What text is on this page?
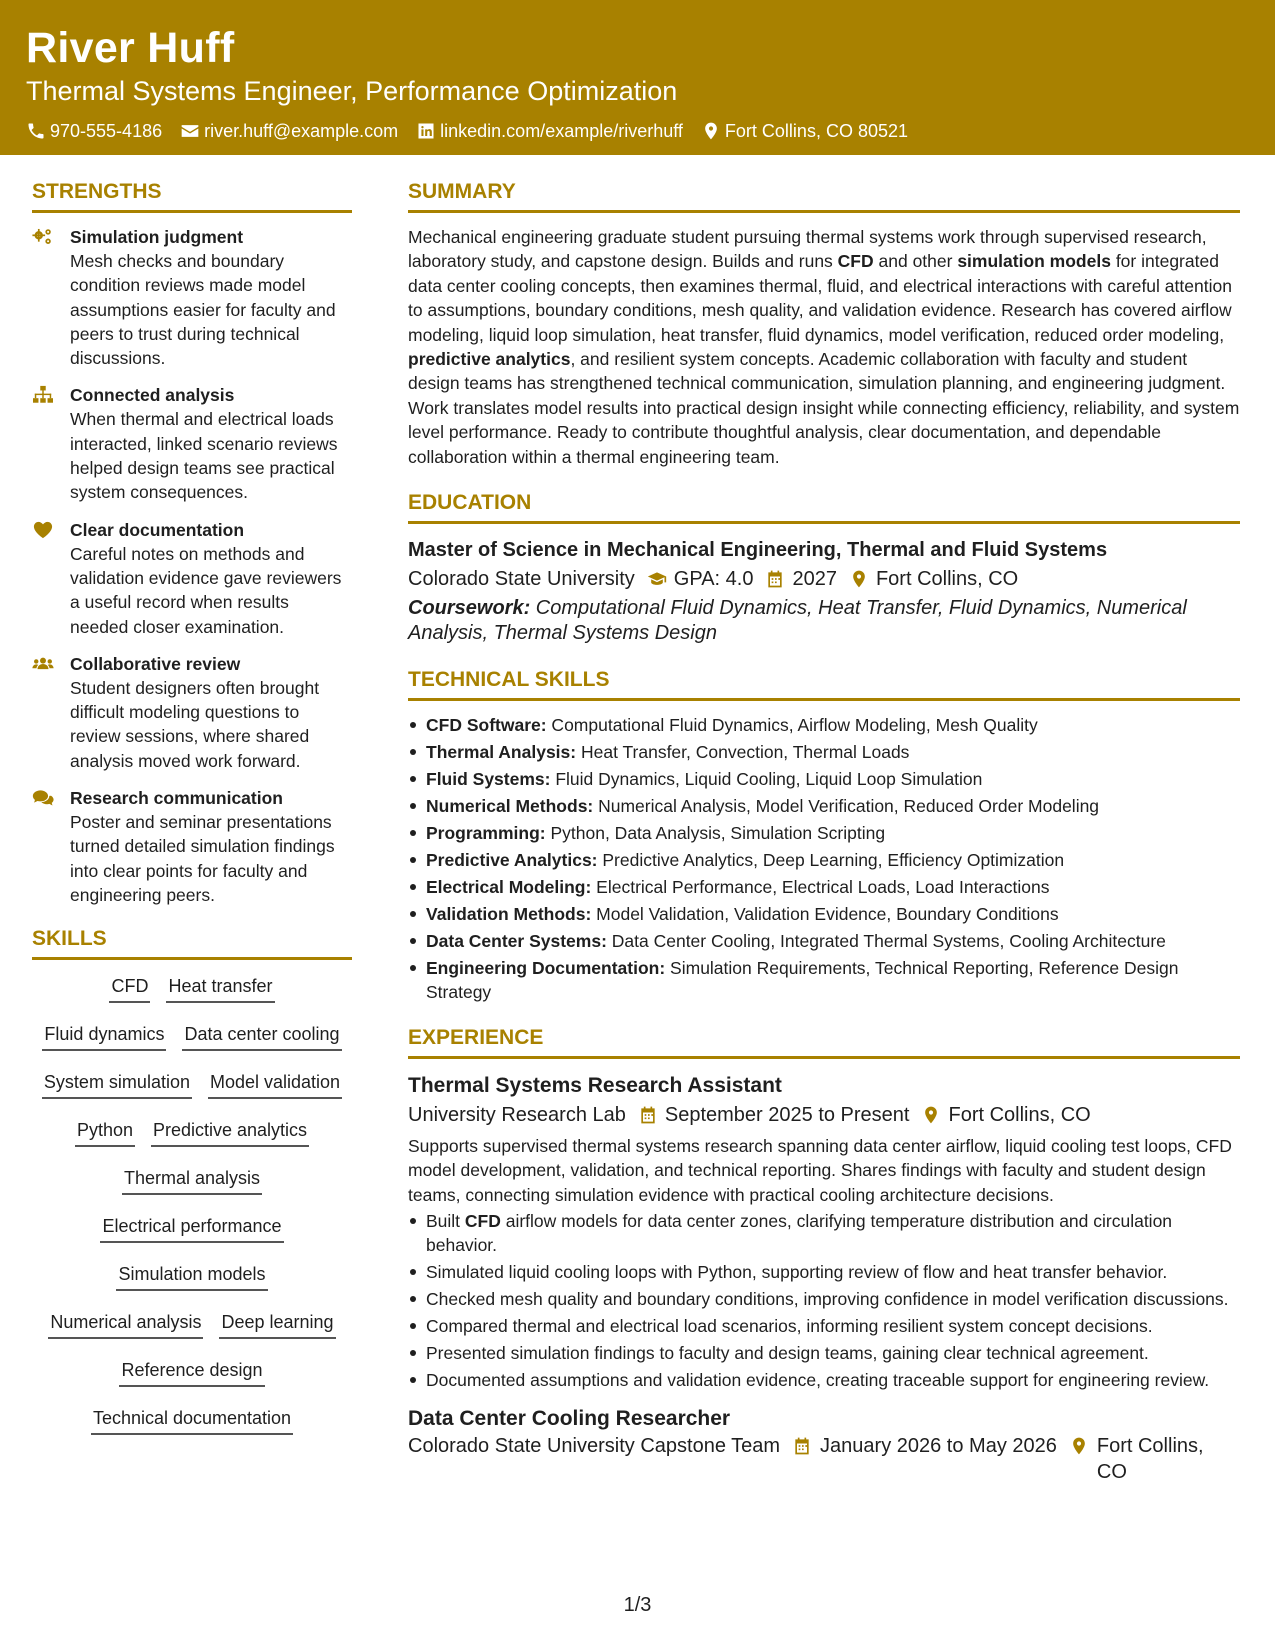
River Huff
Thermal Systems Engineer, Performance Optimization
970-555-4186 river.huff@example.com linkedin.com/example/riverhuff Fort Collins, CO 80521
STRENGTHS
Simulation judgment
Mesh checks and boundary condition reviews made model assumptions easier for faculty and peers to trust during technical discussions.
Connected analysis
When thermal and electrical loads interacted, linked scenario reviews helped design teams see practical system consequences.
Clear documentation
Careful notes on methods and validation evidence gave reviewers a useful record when results needed closer examination.
Collaborative review
Student designers often brought difficult modeling questions to review sessions, where shared analysis moved work forward.
Research communication
Poster and seminar presentations turned detailed simulation findings into clear points for faculty and engineering peers.
SKILLS
CFD Heat transfer
Fluid dynamics Data center cooling
System simulation Model validation
Python Predictive analytics
Thermal analysis
Electrical performance
Simulation models
Numerical analysis Deep learning
Reference design
Technical documentation
SUMMARY
Mechanical engineering graduate student pursuing thermal systems work through supervised research, laboratory study, and capstone design. Builds and runs CFD and other simulation models for integrated data center cooling concepts, then examines thermal, fluid, and electrical interactions with careful attention to assumptions, boundary conditions, mesh quality, and validation evidence. Research has covered airflow modeling, liquid loop simulation, heat transfer, fluid dynamics, model verification, reduced order modeling, predictive analytics, and resilient system concepts. Academic collaboration with faculty and student design teams has strengthened technical communication, simulation planning, and engineering judgment. Work translates model results into practical design insight while connecting efficiency, reliability, and system level performance. Ready to contribute thoughtful analysis, clear documentation, and dependable collaboration within a thermal engineering team.
EDUCATION
Master of Science in Mechanical Engineering, Thermal and Fluid Systems
Colorado State University GPA: 4.0 2027 Fort Collins, CO
Coursework: Computational Fluid Dynamics, Heat Transfer, Fluid Dynamics, Numerical Analysis, Thermal Systems Design
TECHNICAL SKILLS
CFD Software: Computational Fluid Dynamics, Airflow Modeling, Mesh Quality
Thermal Analysis: Heat Transfer, Convection, Thermal Loads
Fluid Systems: Fluid Dynamics, Liquid Cooling, Liquid Loop Simulation
Numerical Methods: Numerical Analysis, Model Verification, Reduced Order Modeling
Programming: Python, Data Analysis, Simulation Scripting
Predictive Analytics: Predictive Analytics, Deep Learning, Efficiency Optimization
Electrical Modeling: Electrical Performance, Electrical Loads, Load Interactions
Validation Methods: Model Validation, Validation Evidence, Boundary Conditions
Data Center Systems: Data Center Cooling, Integrated Thermal Systems, Cooling Architecture
Engineering Documentation: Simulation Requirements, Technical Reporting, Reference Design Strategy
EXPERIENCE
Thermal Systems Research Assistant
University Research Lab September 2025 to Present Fort Collins, CO
Supports supervised thermal systems research spanning data center airflow, liquid cooling test loops, CFD model development, validation, and technical reporting. Shares findings with faculty and student design teams, connecting simulation evidence with practical cooling architecture decisions.
Built CFD airflow models for data center zones, clarifying temperature distribution and circulation behavior.
Simulated liquid cooling loops with Python, supporting review of flow and heat transfer behavior.
Checked mesh quality and boundary conditions, improving confidence in model verification discussions.
Compared thermal and electrical load scenarios, informing resilient system concept decisions.
Presented simulation findings to faculty and design teams, gaining clear technical agreement.
Documented assumptions and validation evidence, creating traceable support for engineering review.
Data Center Cooling Researcher
Colorado State University Capstone Team January 2026 to May 2026 Fort Collins,
CO
1/3
